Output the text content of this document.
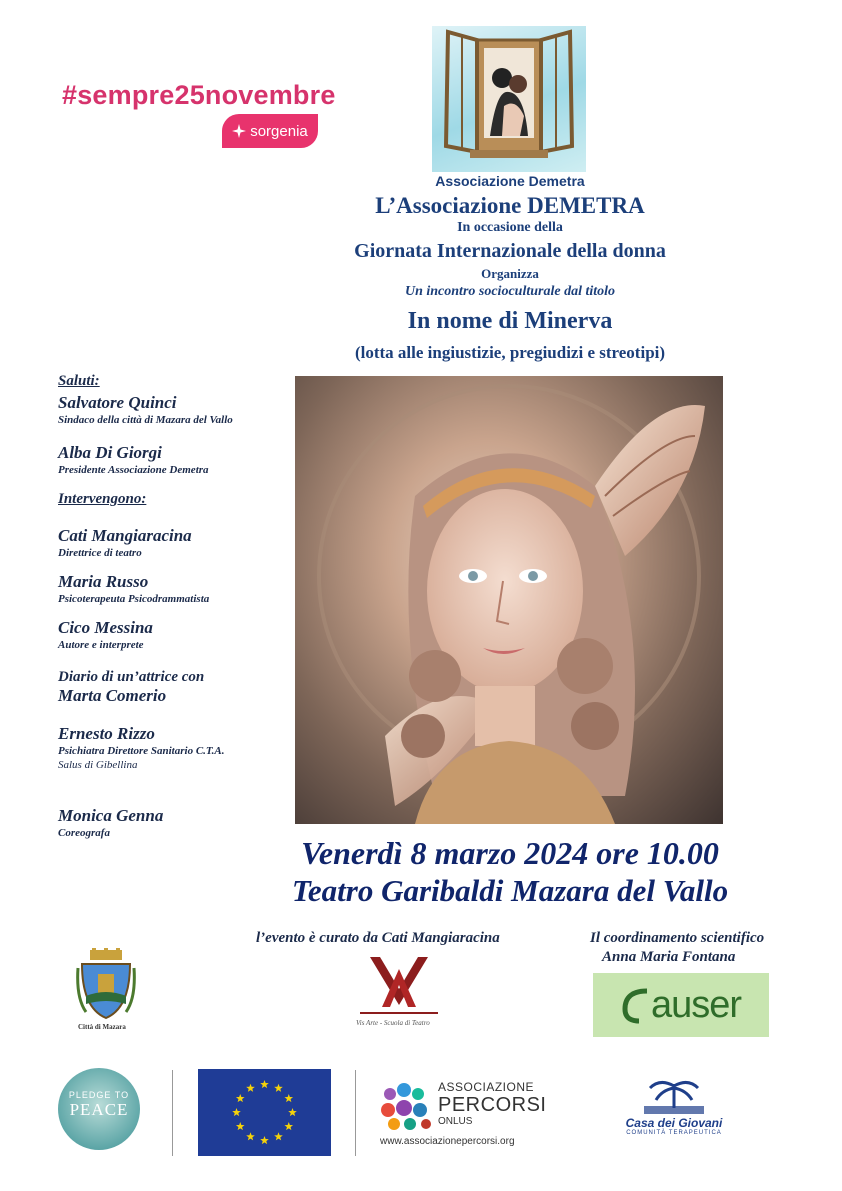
#sempre25novembre
sorgenia
Associazione Demetra
L’Associazione DEMETRA
In occasione della
Giornata Internazionale della donna
Organizza
Un incontro socioculturale dal titolo
In nome di Minerva
(lotta alle ingiustizie, pregiudizi e streotipi)
Saluti:
Salvatore Quinci
Sindaco della città di Mazara del Vallo
Alba Di Giorgi
Presidente Associazione Demetra
Intervengono:
Cati Mangiaracina
Direttrice di teatro
Maria Russo
Psicoterapeuta Psicodrammatista
Cico Messina
Autore e interprete
Diario di un’attrice con
Marta Comerio
Ernesto Rizzo
Psichiatra Direttore Sanitario C.T.A.
Salus di Gibellina
Monica Genna
Coreografa
Venerdì 8 marzo 2024 ore 10.00
Teatro Garibaldi Mazara del Vallo
l’evento è curato da Cati Mangiaracina	Il coordinamento scientifico
Anna Maria Fontana
Città di Mazara	Vis Arte - Scuola di Teatro	auser
PLEDGE TO
PEACE
ASSOCIAZIONE
PERCORSI
ONLUS
www.associazionepercorsi.org
Casa dei Giovani
COMUNITÀ TERAPEUTICA
